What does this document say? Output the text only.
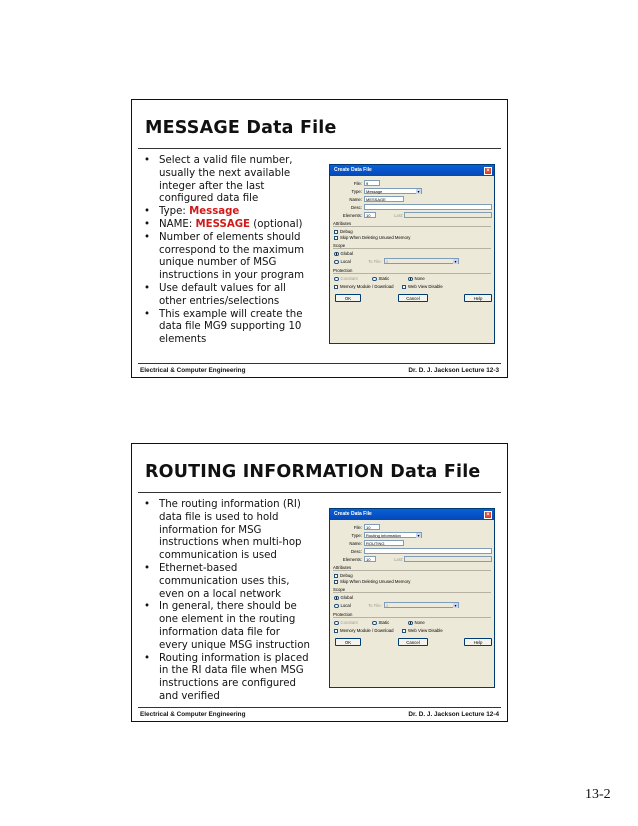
MESSAGE Data File
• Select a valid file number,
usually the next available
integer after the last
configured data file
• Type: Message
• NAME: MESSAGE (optional)
• Number of elements should
correspond to the maximum
unique number of MSG
instructions in your program
• Use default values for all
other entries/selections
• This example will create the
data file MG9 supporting 10
elements
Create Data File	×
File:	9
Type:	Message	▾
Name:	MESSAGE
Desc:
Elements:	10	Last:
Attributes
Debug
Skip When Deleting Unused Memory
Scope
Global
Local	To File:	2	▾
Protection
Constant	Static	None
Memory Module / Download	Web View Disable
OK	Cancel	Help
Electrical & Computer Engineering	Dr. D. J. Jackson Lecture 12-3
ROUTING INFORMATION Data File
• The routing information (RI)
data file is used to hold
information for MSG
instructions when multi-hop
communication is used
• Ethernet-based
communication uses this,
even on a local network
• In general, there should be
one element in the routing
information data file for
every unique MSG instruction
• Routing information is placed
in the RI data file when MSG
instructions are configured
and verified
Create Data File	×
File:	10
Type:	Routing Information	▾
Name:	ROUTING
Desc:
Elements:	10	Last:
Attributes
Debug
Skip When Deleting Unused Memory
Scope
Global
Local	To File:	2	▾
Protection
Constant	Static	None
Memory Module / Download	Web View Disable
OK	Cancel	Help
Electrical & Computer Engineering	Dr. D. J. Jackson Lecture 12-4
13-2
